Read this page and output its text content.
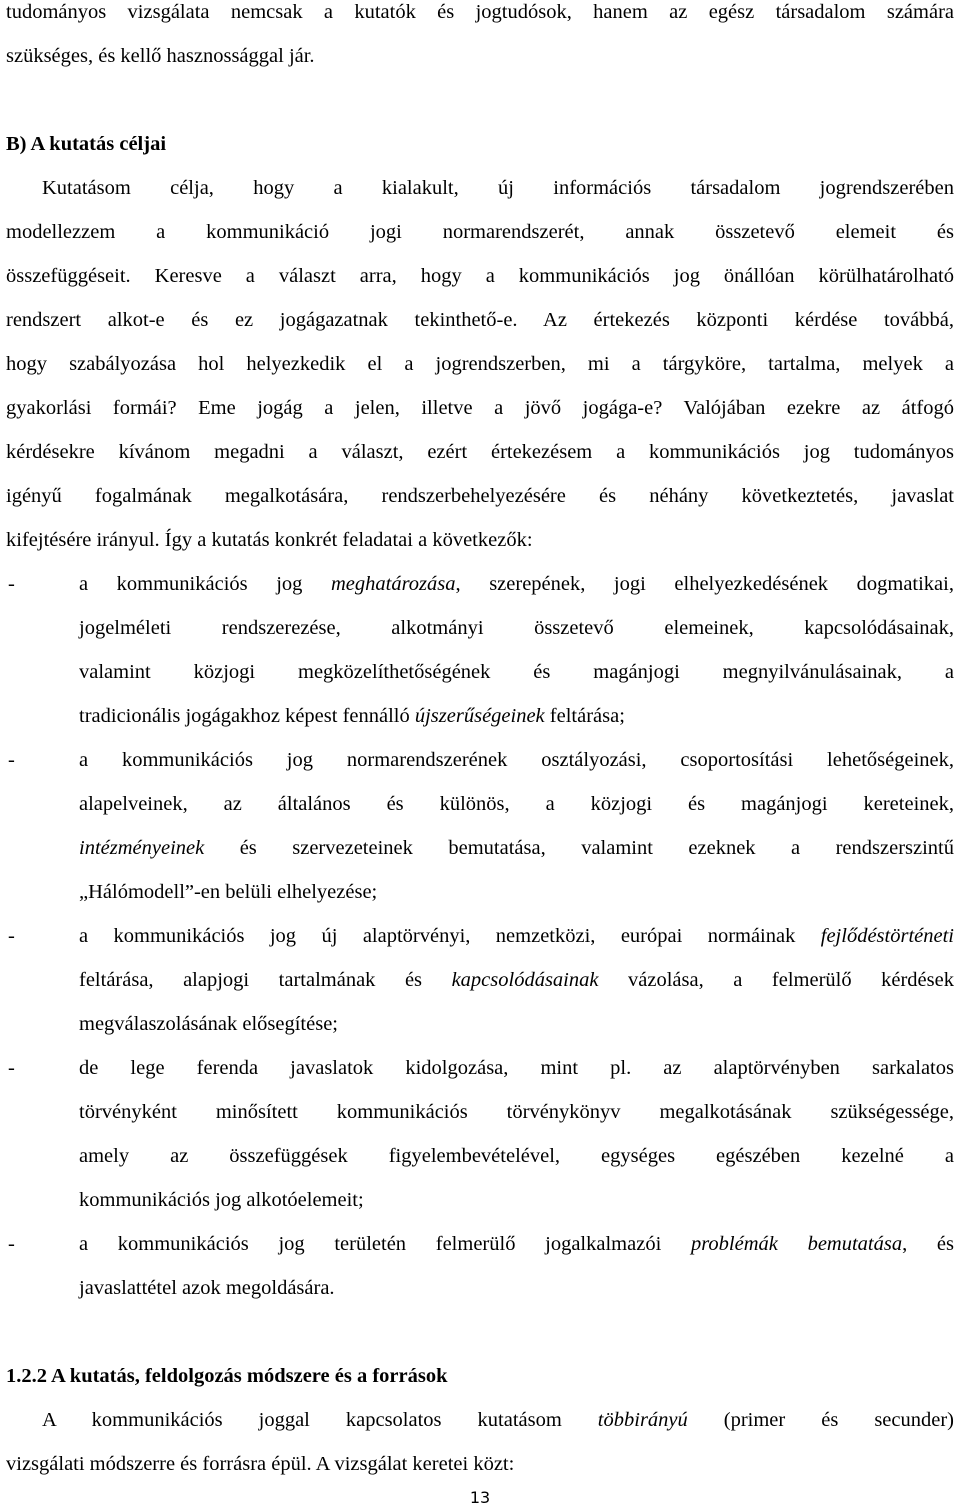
tudományos vizsgálata nemcsak a kutatók és jogtudósok, hanem az egész társadalom számára
szükséges, és kellő hasznossággal jár.
B) A kutatás céljai
Kutatásom célja, hogy a kialakult, új információs társadalom jogrendszerében
modellezzem a kommunikáció jogi normarendszerét, annak összetevő elemeit és
összefüggéseit. Keresve a választ arra, hogy a kommunikációs jog önállóan körülhatárolható
rendszert alkot-e és ez jogágazatnak tekinthető-e. Az értekezés központi kérdése továbbá,
hogy szabályozása hol helyezkedik el a jogrendszerben, mi a tárgyköre, tartalma, melyek a
gyakorlási formái? Eme jogág a jelen, illetve a jövő jogága-e? Valójában ezekre az átfogó
kérdésekre kívánom megadni a választ, ezért értekezésem a kommunikációs jog tudományos
igényű fogalmának megalkotására, rendszerbehelyezésére és néhány következtetés, javaslat
kifejtésére irányul. Így a kutatás konkrét feladatai a következők:
-	a kommunikációs jog meghatározása, szerepének, jogi elhelyezkedésének dogmatikai,
jogelméleti rendszerezése, alkotmányi összetevő elemeinek, kapcsolódásainak,
valamint közjogi megközelíthetőségének és magánjogi megnyilvánulásainak, a
tradicionális jogágakhoz képest fennálló újszerűségeinek feltárása;
-	a kommunikációs jog normarendszerének osztályozási, csoportosítási lehetőségeinek,
alapelveinek, az általános és különös, a közjogi és magánjogi kereteinek,
intézményeinek és szervezeteinek bemutatása, valamint ezeknek a rendszerszintű
„Hálómodell”-en belüli elhelyezése;
-	a kommunikációs jog új alaptörvényi, nemzetközi, európai normáinak fejlődéstörténeti
feltárása, alapjogi tartalmának és kapcsolódásainak vázolása, a felmerülő kérdések
megválaszolásának elősegítése;
-	de lege ferenda javaslatok kidolgozása, mint pl. az alaptörvényben sarkalatos
törvényként minősített kommunikációs törvénykönyv megalkotásának szükségessége,
amely az összefüggések figyelembevételével, egységes egészében kezelné a
kommunikációs jog alkotóelemeit;
-	a kommunikációs jog területén felmerülő jogalkalmazói problémák bemutatása, és
javaslattétel azok megoldására.
1.2.2 A kutatás, feldolgozás módszere és a források
A kommunikációs joggal kapcsolatos kutatásom többirányú (primer és secunder)
vizsgálati módszerre és forrásra épül. A vizsgálat keretei közt:
13
